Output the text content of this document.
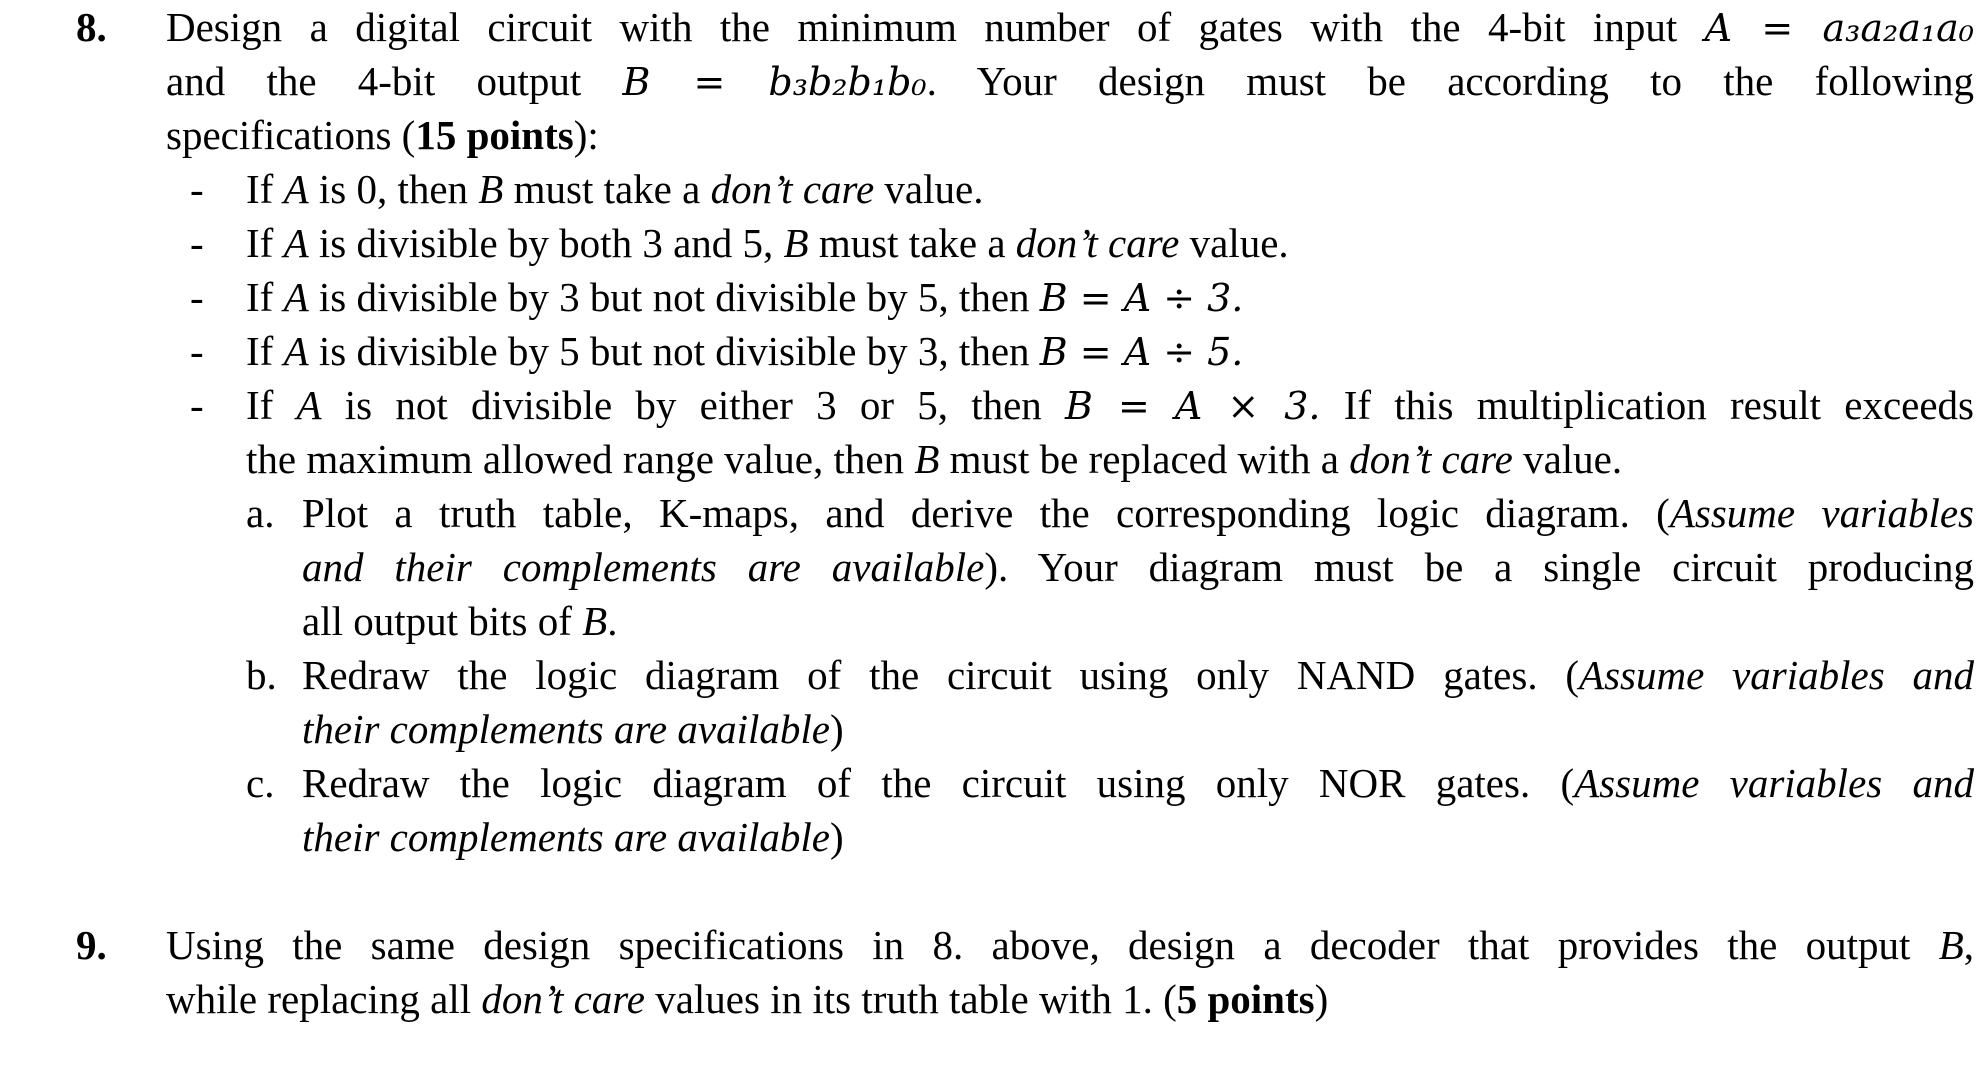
8. Design a digital circuit with the minimum number of gates with the 4-bit input A = a₃a₂a₁a₀
and the 4-bit output B = b₃b₂b₁b₀. Your design must be according to the following
specifications (15 points):
- If A is 0, then B must take a don’t care value.
- If A is divisible by both 3 and 5, B must take a don’t care value.
- If A is divisible by 3 but not divisible by 5, then B = A ÷ 3.
- If A is divisible by 5 but not divisible by 3, then B = A ÷ 5.
- If A is not divisible by either 3 or 5, then B = A × 3. If this multiplication result exceeds
the maximum allowed range value, then B must be replaced with a don’t care value.
a. Plot a truth table, K-maps, and derive the corresponding logic diagram. (Assume variables
and their complements are available). Your diagram must be a single circuit producing
all output bits of B.
b. Redraw the logic diagram of the circuit using only NAND gates. (Assume variables and
their complements are available)
c. Redraw the logic diagram of the circuit using only NOR gates. (Assume variables and
their complements are available)
9. Using the same design specifications in 8. above, design a decoder that provides the output B,
while replacing all don’t care values in its truth table with 1. (5 points)
